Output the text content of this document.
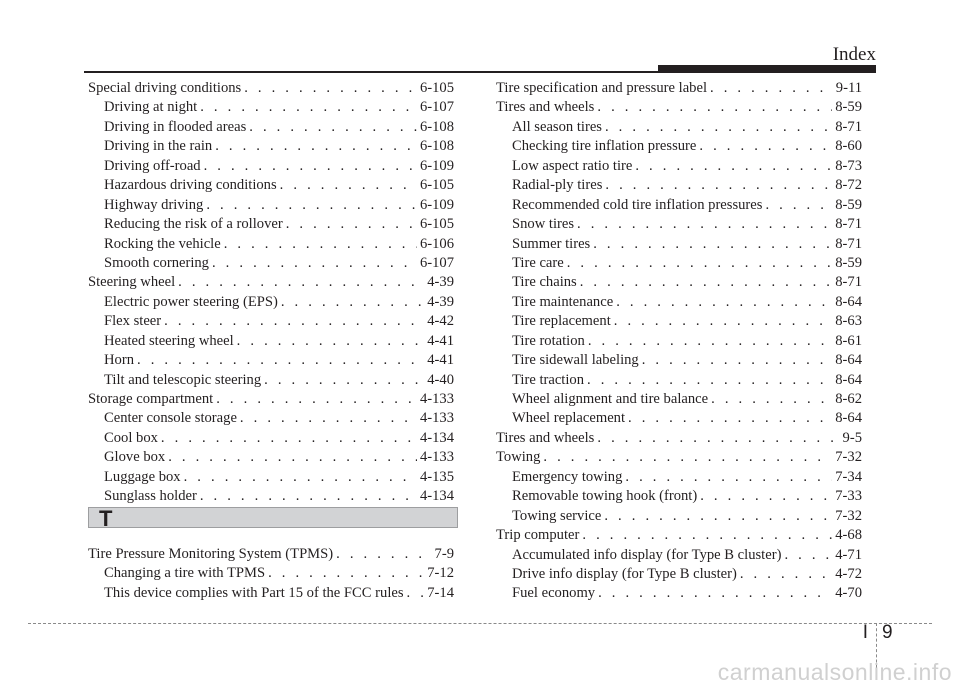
Index
Special driving conditions . . .	6-105
Driving at night . . .	6-107
Driving in flooded areas . . .	6-108
Driving in the rain . . .	6-108
Driving off-road . . .	6-109
Hazardous driving conditions . . .	6-105
Highway driving . . .	6-109
Reducing the risk of a rollover . . .	6-105
Rocking the vehicle . . .	6-106
Smooth cornering . . .	6-107
Steering wheel . . .	4-39
Electric power steering (EPS) . . .	4-39
Flex steer . . .	4-42
Heated steering wheel . . .	4-41
Horn . . .	4-41
Tilt and telescopic steering . . .	4-40
Storage compartment . . .	4-133
Center console storage . . .	4-133
Cool box . . .	4-134
Glove box . . .	4-133
Luggage box . . .	4-135
Sunglass holder . . .	4-134
T
Tire Pressure Monitoring System (TPMS) . . .	7-9
Changing a tire with TPMS . . .	7-12
This device complies with Part 15 of the FCC rules . . . 7-14
Tire specification and pressure label . . .	9-11
Tires and wheels . . .	8-59
All season tires . . .	8-71
Checking tire inflation pressure . . .	8-60
Low aspect ratio tire . . .	8-73
Radial-ply tires . . .	8-72
Recommended cold tire inflation pressures . . .	8-59
Snow tires . . .	8-71
Summer tires . . .	8-71
Tire care . . .	8-59
Tire chains . . .	8-71
Tire maintenance . . .	8-64
Tire replacement . . .	8-63
Tire rotation . . .	8-61
Tire sidewall labeling . . .	8-64
Tire traction . . .	8-64
Wheel alignment and tire balance . . .	8-62
Wheel replacement . . .	8-64
Tires and wheels . . .	9-5
Towing . . .	7-32
Emergency towing . . .	7-34
Removable towing hook (front) . . .	7-33
Towing service . . .	7-32
Trip computer . . .	4-68
Accumulated info display (for Type B cluster) . . .	4-71
Drive info display (for Type B cluster) . . .	4-72
Fuel economy . . .	4-70
I 9
carmanualsonline.info
